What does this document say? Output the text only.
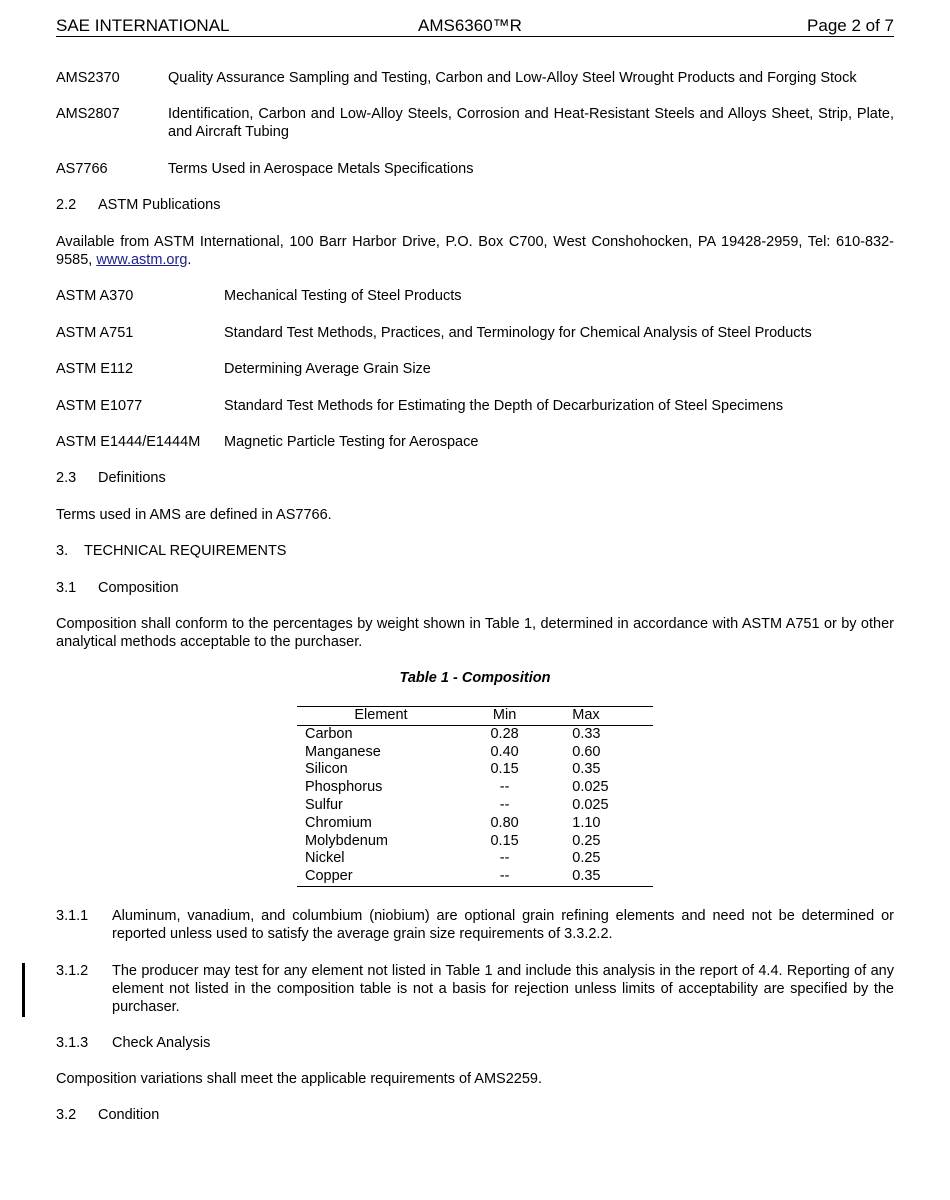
SAE INTERNATIONAL	AMS6360™R	Page 2 of 7
AMS2370	Quality Assurance Sampling and Testing, Carbon and Low-Alloy Steel Wrought Products and Forging Stock
AMS2807	Identification, Carbon and Low-Alloy Steels, Corrosion and Heat-Resistant Steels and Alloys Sheet, Strip, Plate, and Aircraft Tubing
AS7766	Terms Used in Aerospace Metals Specifications
2.2 ASTM Publications
Available from ASTM International, 100 Barr Harbor Drive, P.O. Box C700, West Conshohocken, PA 19428-2959, Tel: 610-832-9585, www.astm.org.
ASTM A370	Mechanical Testing of Steel Products
ASTM A751	Standard Test Methods, Practices, and Terminology for Chemical Analysis of Steel Products
ASTM E112	Determining Average Grain Size
ASTM E1077	Standard Test Methods for Estimating the Depth of Decarburization of Steel Specimens
ASTM E1444/E1444M Magnetic Particle Testing for Aerospace
2.3 Definitions
Terms used in AMS are defined in AS7766.
3. TECHNICAL REQUIREMENTS
3.1 Composition
Composition shall conform to the percentages by weight shown in Table 1, determined in accordance with ASTM A751 or by other analytical methods acceptable to the purchaser.
Table 1 - Composition
Element	Min	Max
Carbon	0.28	0.33
Manganese	0.40	0.60
Silicon	0.15	0.35
Phosphorus	--	0.025
Sulfur	--	0.025
Chromium	0.80	1.10
Molybdenum	0.15	0.25
Nickel	--	0.25
Copper	--	0.35
3.1.1 Aluminum, vanadium, and columbium (niobium) are optional grain refining elements and need not be determined or reported unless used to satisfy the average grain size requirements of 3.3.2.2.
3.1.2 The producer may test for any element not listed in Table 1 and include this analysis in the report of 4.4. Reporting of any element not listed in the composition table is not a basis for rejection unless limits of acceptability are specified by the purchaser.
3.1.3 Check Analysis
Composition variations shall meet the applicable requirements of AMS2259.
3.2 Condition
